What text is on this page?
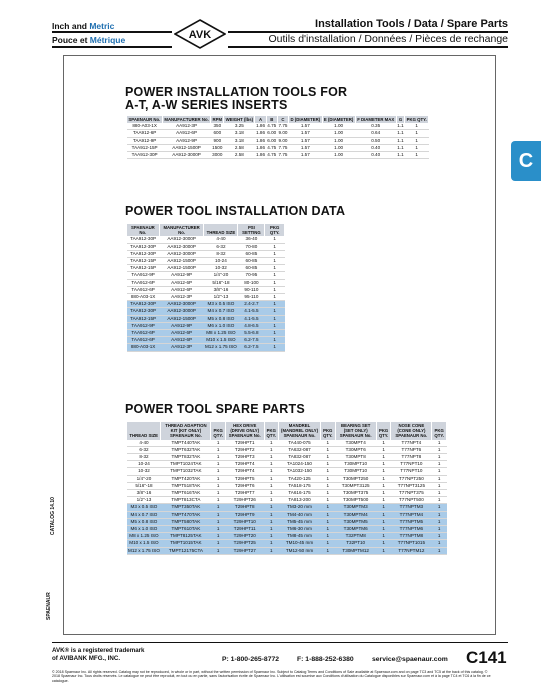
Inch and Metric
Pouce et Métrique	AVK
Installation Tools / Data / Spare Parts
Outils d'installation / Données / Pièces de rechange
C
POWER INSTALLATION TOOLS FOR
A-T, A-W SERIES INSERTS
SPAENAUR No.	MANUFACTURER No.	RPM	WEIGHT (lbs)	A	B	C	D (DIAMETER)	E (DIAMETER)	F DIAMETER MAX	G	PKG QTY.
880-A03-1X	AA912-3P	350	3.25	1.86	4.75	7.75	1.57	1.00	0.35	1.1	1
TAA912-6P	AA912-6P	600	3.18	1.86	6.00	9.00	1.57	1.00	0.64	1.1	1
TAA912-9P	AA912-9P	900	3.18	1.86	6.00	9.00	1.57	1.00	0.50	1.1	1
TAA912-15P	AA912-1500P	1500	2.58	1.86	4.75	7.75	1.57	1.00	0.40	1.1	1
TAA912-30P	AA912-3000P	3000	2.58	1.86	4.75	7.75	1.57	1.00	0.40	1.1	1
POWER TOOL INSTALLATION DATA
SPAENAUR No.	MANUFACTURER No.	THREAD SIZE	PSI SETTING	PKG QTY.
TAA912-30P	AA912-3000P	4-40	36-40	1
TAA912-30P	AA912-3000P	6-32	70-80	1
TAA912-30P	AA912-3000P	8-32	60-85	1
TAA912-15P	AA912-1500P	10-24	60-85	1
TAA912-15P	AA912-1500P	10-32	60-85	1
TAA912-9P	AA912-9P	1/4"-20	70-95	1
TAA912-6P	AA912-6P	5/16"-18	80-100	1
TAA912-6P	AA912-6P	3/8"-16	90-110	1
880-A03-1X	AA912-3P	1/2"-13	95-110	1
TAA912-30P	AA912-3000P	M3 x 0.5 ISO	2.4-2.7	1
TAA912-30P	AA912-3000P	M4 x 0.7 ISO	4.1-5.5	1
TAA912-15P	AA912-1500P	M5 x 0.8 ISO	4.1-5.5	1
TAA912-9P	AA912-9P	M6 x 1.0 ISO	4.8-6.5	1
TAA912-6P	AA912-6P	M8 x 1.25 ISO	5.5-6.8	1
TAA912-6P	AA912-6P	M10 x 1.5 ISO	6.2-7.5	1
880-A03-1X	AA912-3P	M12 x 1.75 ISO	6.2-7.5	1
POWER TOOL SPARE PARTS
THREAD SIZE	THREAD ADAPTION KIT (KIT ONLY) SPAENAUR No.	PKG QTY.	HEX DRIVE (DRIVE ONLY) SPAENAUR No.	PKG QTY.	MANDREL (MANDREL ONLY) SPAENAUR No.	PKG QTY.	BEARING SET (SET ONLY) SPAENAUR No.	PKG QTY.	NOSE CONE (CONE ONLY) SPAENAUR No.	PKG QTY.
4-40	TMPT440TAK	1	T29HPT1	1	TA440-075	1	T30MPT4	1	T77NPT4	1
6-32	TMPT632TAK	1	T29HPT2	1	TA632-087	1	T30MPT6	1	T77NPT6	1
8-32	TMPT832TAK	1	T29HPT3	1	TA832-087	1	T30MPT8	1	T77NPT8	1
10-24	TMPT1024TAK	1	T29HPT4	1	TA1024-150	1	T30MPT10	1	T77NPT10	1
10-32	TMPT1032TAK	1	T29HPT4	1	TA1032-150	1	T30MPT10	1	T77NPT10	1
1/4"-20	TMPT420TAK	1	T29HPT5	1	TA420-125	1	T30MPT250	1	T77NPT250	1
5/16"-18	TMPT518TAK	1	T29HPT6	1	TA518-175	1	T30MPT3125	1	T77NPT3125	1
3/8"-16	TMPT616TAK	1	T29HPT7	1	TA616-175	1	T30MPT375	1	T77NPT375	1
1/2"-13	TMPT813CTA	1	T29HPT26	1	TA813-200	1	T30MPT500	1	T77NPT500	1
M3 x 0.5 ISO	TMPT350TAK	1	T29HPT8	1	TM3-20 mm	1	T30MPTM3	1	T77NPTM3	1
M4 x 0.7 ISO	TMPT470TAK	1	T29HPT9	1	TM4-40 mm	1	T30MPTM4	1	T77NPTM4	1
M5 x 0.8 ISO	TMPT580TAK	1	T29HPT10	1	TM5-45 mm	1	T30MPTM5	1	T77NPTM5	1
M6 x 1.0 ISO	TMPT610TAK	1	T29HPT11	1	TM6-30 mm	1	T30MPTM6	1	T77NPTM6	1
M8 x 1.25 ISO	TMPT8125TAK	1	T29HPT20	1	TM8-45 mm	1	T32PTM8	1	T77NPTM8	1
M10 x 1.5 ISO	TMPT1015TAK	1	T29HPT25	1	TM10-45 mm	1	T32PT10	1	T77NPT1015	1
M12 x 1.75 ISO	TMPT12175CTA	1	T29HPT27	1	TM12-50 mm	1	T30MPTM12	1	T77NPTM12	1
CATALOG 14.10
SPAENAUR
AVK® is a registered trademark
of AVIBANK MFG., INC.	P: 1-800-265-8772	F: 1-888-252-6380	service@spaenaur.com C141
© 2018 Spaenaur Inc. All rights reserved. Catalog may not be reproduced, in whole or in part, without the written permission of Spaenaur Inc. Subject to Catalog Terms and Conditions of Sale available at Spaenaur.com and on page TC3 and TC5 at the back of this catalog. © 2018 Spaenaur Inc. Tous droits réservés. Le catalogue ne peut être reproduit, en tout ou en partie, sans l'autorisation écrite de Spaenaur Inc. L'utilisation est soumise aux Conditions d'utilisation du Catalogue disponibles sur Spaenaur.com et à la page TC4 et TC6 à la fin de ce catalogue.
